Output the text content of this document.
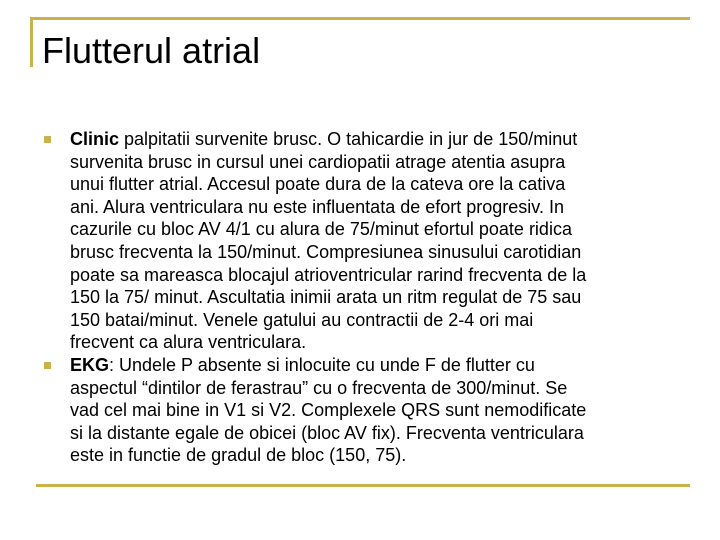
Flutterul atrial
Clinic palpitatii survenite brusc. O tahicardie in jur de 150/minut
survenita brusc in cursul unei cardiopatii atrage atentia asupra
unui flutter atrial. Accesul poate dura de la cateva ore la cativa
ani. Alura ventriculara nu este influentata de efort progresiv. In
cazurile cu bloc AV 4/1 cu alura de 75/minut efortul poate ridica
brusc frecventa la 150/minut. Compresiunea sinusului carotidian
poate sa mareasca blocajul atrioventricular rarind frecventa de la
150 la 75/ minut. Ascultatia inimii arata un ritm regulat de 75 sau
150 batai/minut. Venele gatului au contractii de 2-4 ori mai
frecvent ca alura ventriculara.
EKG: Undele P absente si inlocuite cu unde F de flutter cu
aspectul “dintilor de ferastrau” cu o frecventa de 300/minut. Se
vad cel mai bine in V1 si V2. Complexele QRS sunt nemodificate
si la distante egale de obicei (bloc AV fix). Frecventa ventriculara
este in functie de gradul de bloc (150, 75).
